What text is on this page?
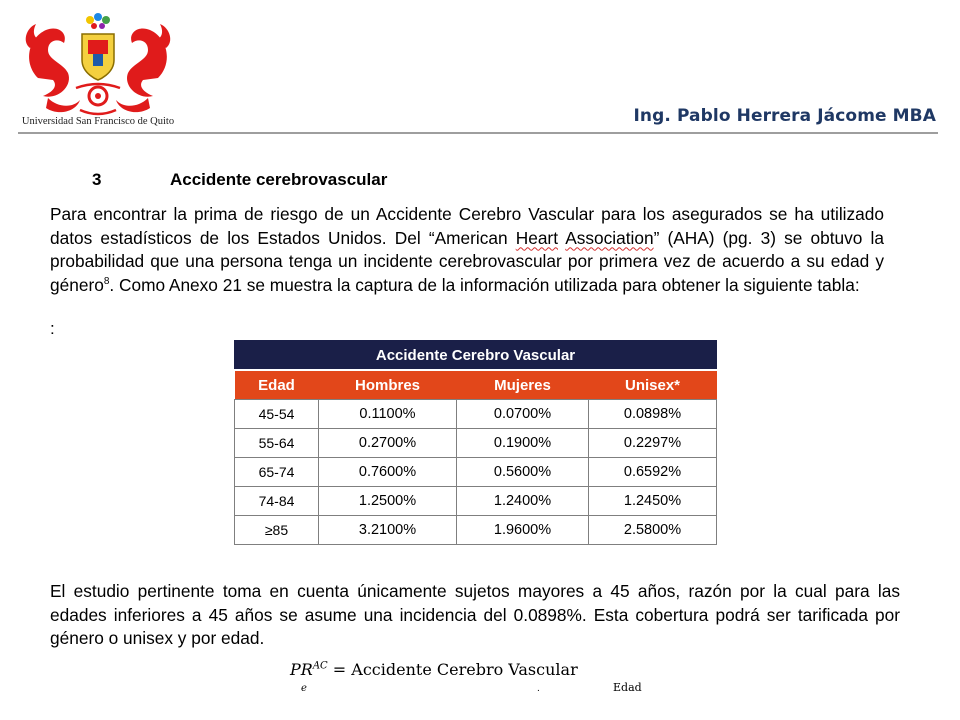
Universidad San Francisco de Quito	Ing. Pablo Herrera Jácome MBA
3	Accidente cerebrovascular

Para encontrar la prima de riesgo de un Accidente Cerebro Vascular para los asegurados se ha utilizado datos estadísticos de los Estados Unidos. Del “American Heart Association” (AHA) (pg. 3) se obtuvo la probabilidad que una persona tenga un incidente cerebrovascular por primera vez de acuerdo a su edad y género$^8$. Como Anexo 21 se muestra la captura de la información utilizada para obtener la siguiente tabla:

:
Accidente Cerebro Vascular			
Edad	Hombres	Mujeres	Unisex*
45-54	0.1100%	0.0700%	0.0898%
55-64	0.2700%	0.1900%	0.2297%
65-74	0.7600%	0.5600%	0.6592%
74-84	1.2500%	1.2400%	1.2450%
≥85	3.2100%	1.9600%	2.5800%

El estudio pertinente toma en cuenta únicamente sujetos mayores a 45 años, razón por la cual para las edades inferiores a 45 años se asume una incidencia del 0.0898%. Esta cobertura podrá ser tarificada por género o unisex y por edad.

$PR^{AC}$ = Accidente Cerebro Vascular
e	.	Edad
